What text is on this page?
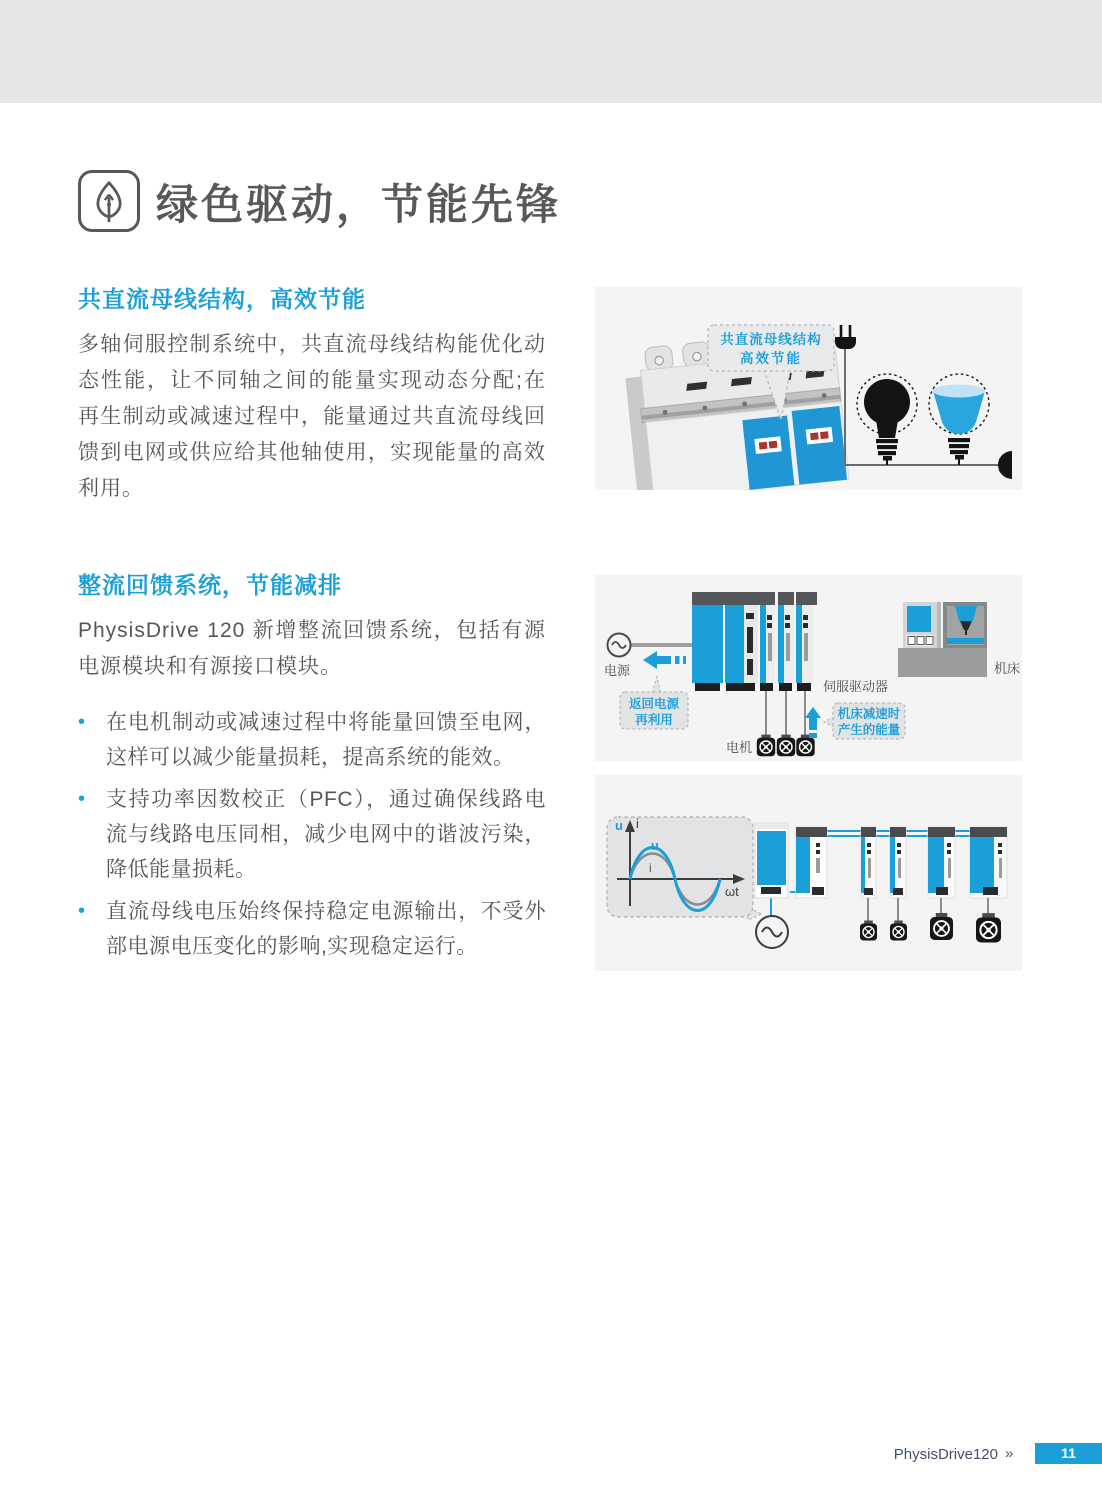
绿色驱动，节能先锋
共直流母线结构，高效节能

多轴伺服控制系统中，共直流母线结构能优化动态性能，让不同轴之间的能量实现动态分配;在再生制动或减速过程中，能量通过共直流母线回馈到电网或供应给其他轴使用，实现能量的高效利用。

整流回馈系统，节能减排

PhysisDrive 120 新增整流回馈系统，包括有源电源模块和有源接口模块。

• 在电机制动或减速过程中将能量回馈至电网，这样可以减少能量损耗，提高系统的能效。
• 支持功率因数校正（PFC），通过确保线路电流与线路电压同相，减少电网中的谐波污染，降低能量损耗。
• 直流母线电压始终保持稳定电源输出，不受外部电源电压变化的影响,实现稳定运行。
共直流母线结构
高效节能
电源
返回电源
再利用
伺服驱动器
电机
机床减速时
产生的能量
机床
u i
u
i
ωt
PhysisDrive120 »	11
